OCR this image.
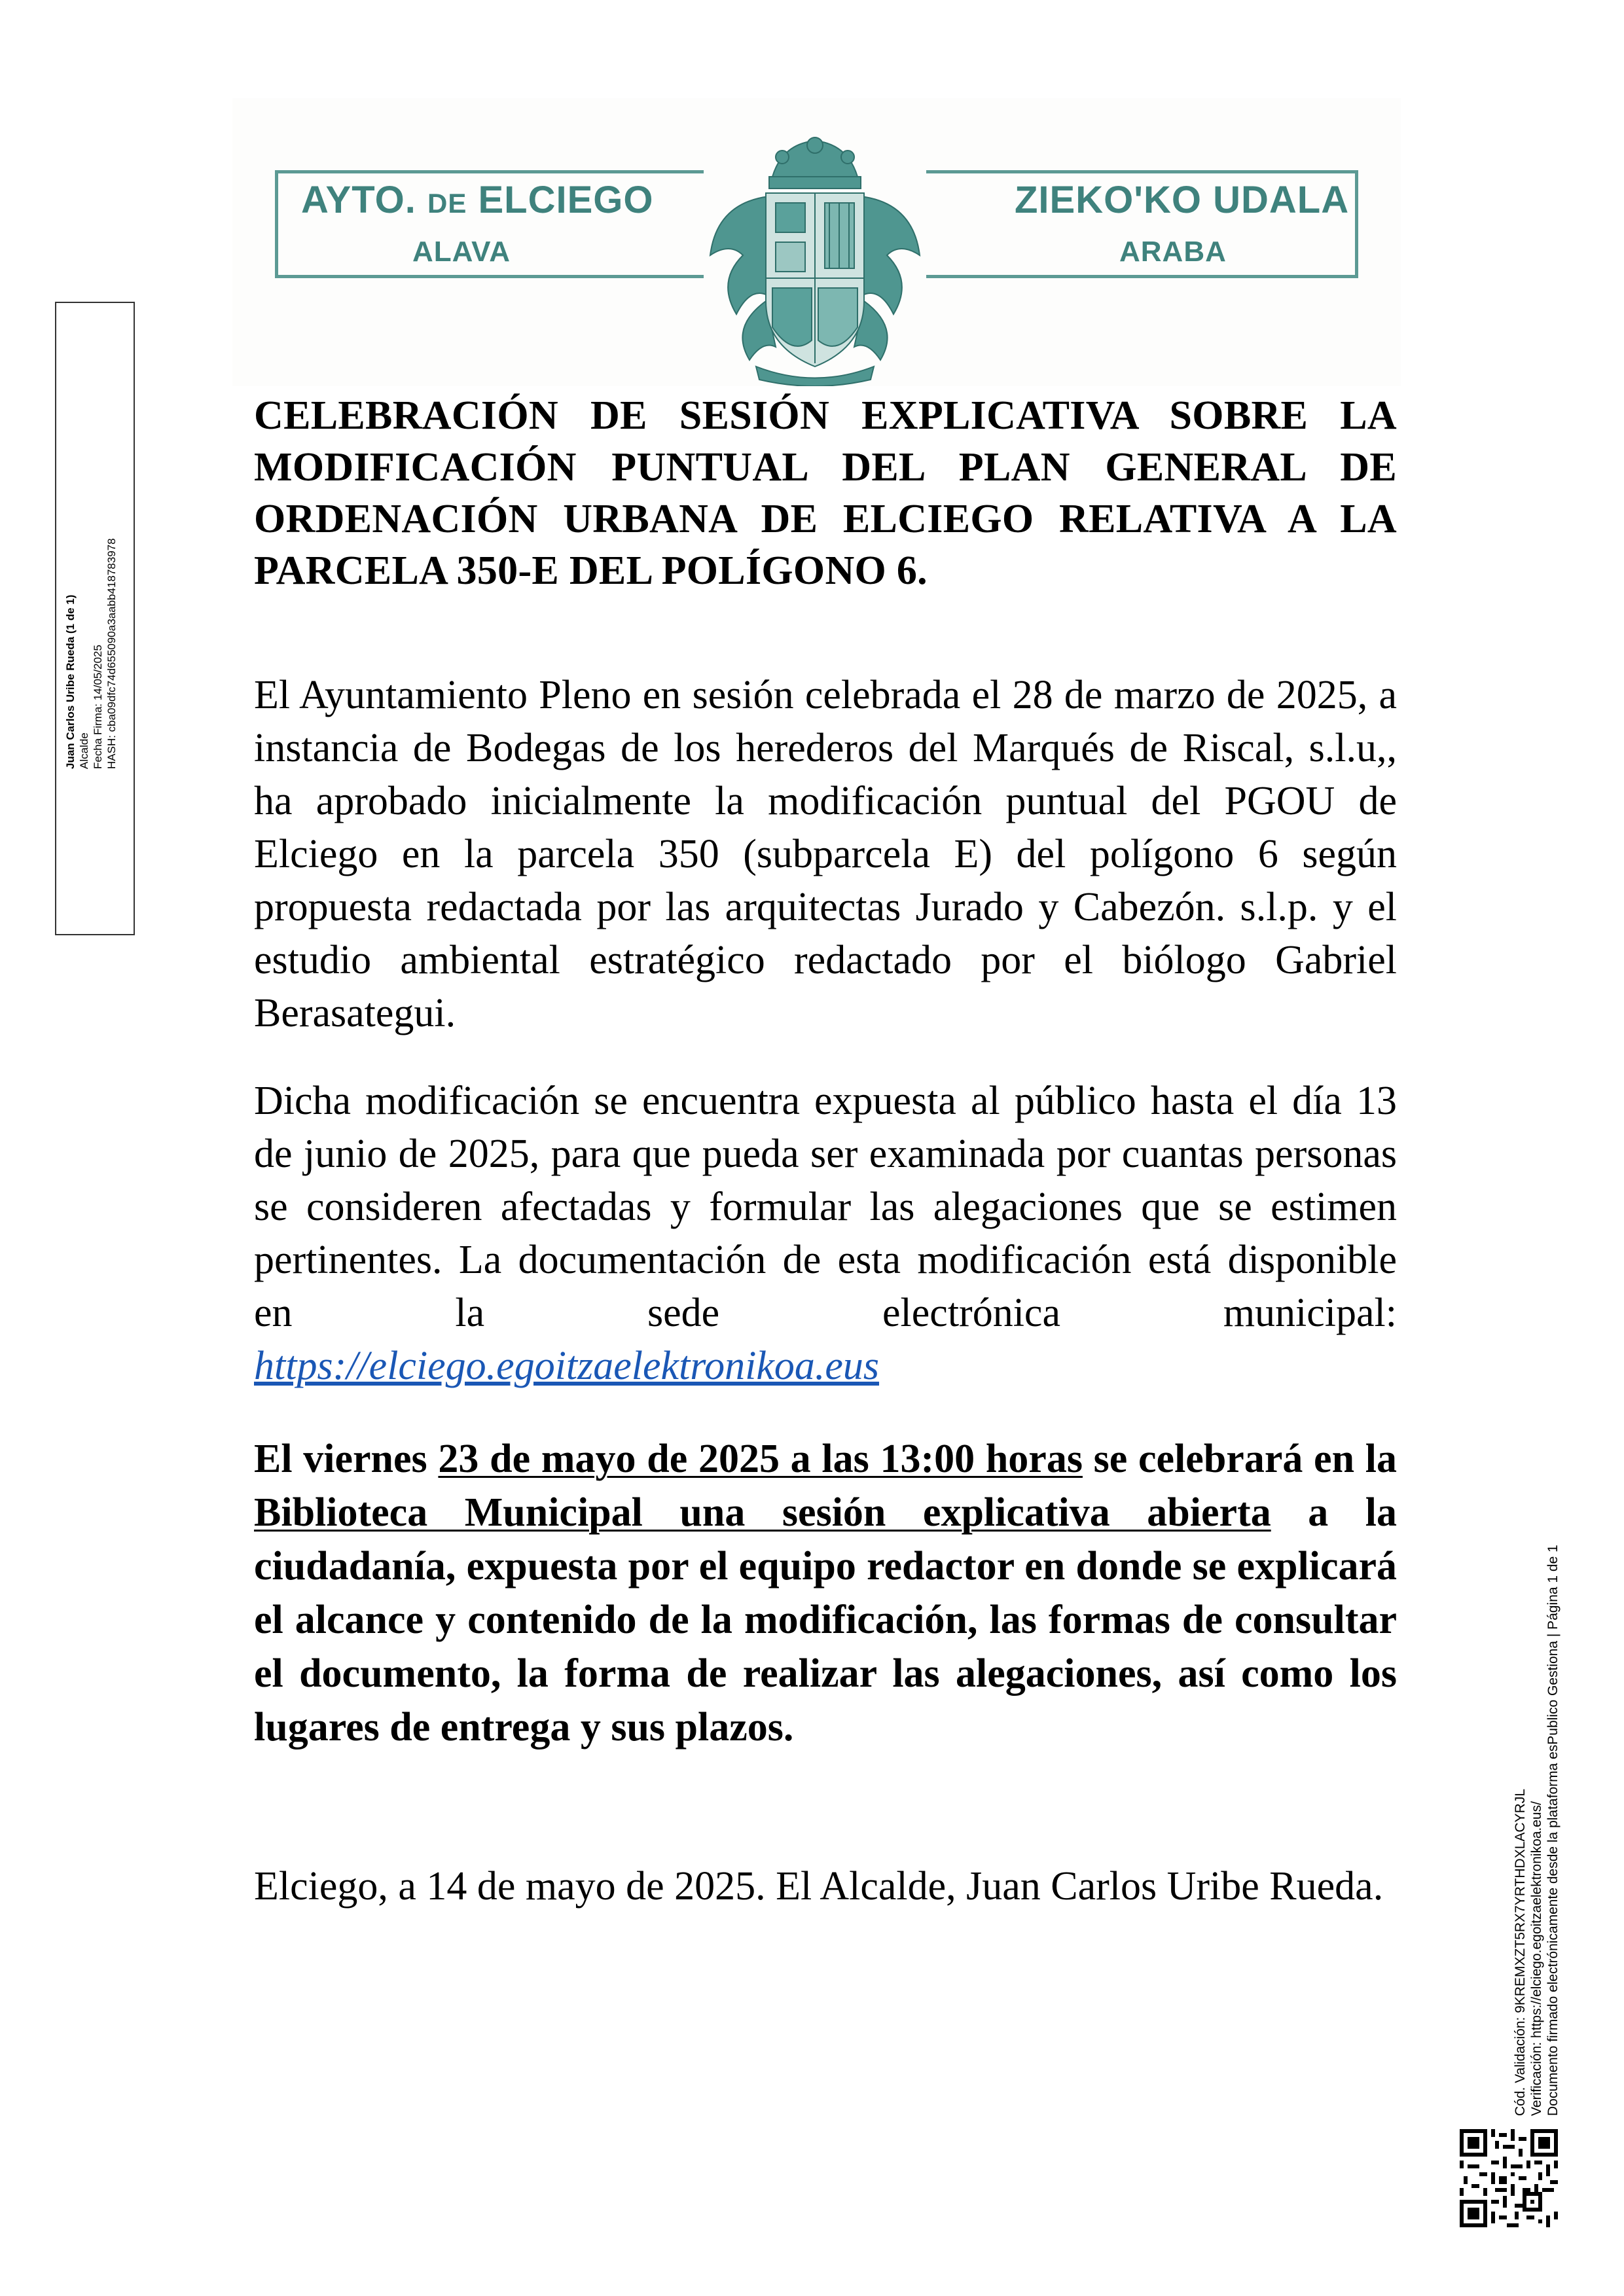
AYTO. DE ELCIEGO
ALAVA
ZIEKO'KO UDALA
ARABA
Juan Carlos Uribe Rueda (1 de 1) Alcalde Fecha Firma: 14/05/2025 HASH: cba09dfc74d655090a3aabb418783978

CELEBRACIÓN DE SESIÓN EXPLICATIVA SOBRE LA MODIFICACIÓN PUNTUAL DEL PLAN GENERAL DE ORDENACIÓN URBANA DE ELCIEGO RELATIVA A LA PARCELA 350-E DEL POLÍGONO 6.

El Ayuntamiento Pleno en sesión celebrada el 28 de marzo de 2025, a instancia de Bodegas de los herederos del Marqués de Riscal, s.l.u,, ha aprobado inicialmente la modificación puntual del PGOU de Elciego en la parcela 350 (subparcela E) del polígono 6 según propuesta redactada por las arquitectas Jurado y Cabezón. s.l.p. y el estudio ambiental estratégico redactado por el biólogo Gabriel Berasategui.

Dicha modificación se encuentra expuesta al público hasta el día 13 de junio de 2025, para que pueda ser examinada por cuantas personas se consideren afectadas y formular las alegaciones que se estimen pertinentes. La documentación de esta modificación está disponible en la sede electrónica municipal: https://elciego.egoitzaelektronikoa.eus

El viernes 23 de mayo de 2025 a las 13:00 horas se celebrará en la Biblioteca Municipal una sesión explicativa abierta a la ciudadanía, expuesta por el equipo redactor en donde se explicará el alcance y contenido de la modificación, las formas de consultar el documento, la forma de realizar las alegaciones, así como los lugares de entrega y sus plazos.

Elciego, a 14 de mayo de 2025. El Alcalde, Juan Carlos Uribe Rueda.	Cód. Validación: 9KREMXZT5RX7YRTHDXLACYRJL Verificación: https://elciego.egoitzaelektronikoa.eus/ Documento firmado electrónicamente desde la plataforma esPublico Gestiona | Página 1 de 1
